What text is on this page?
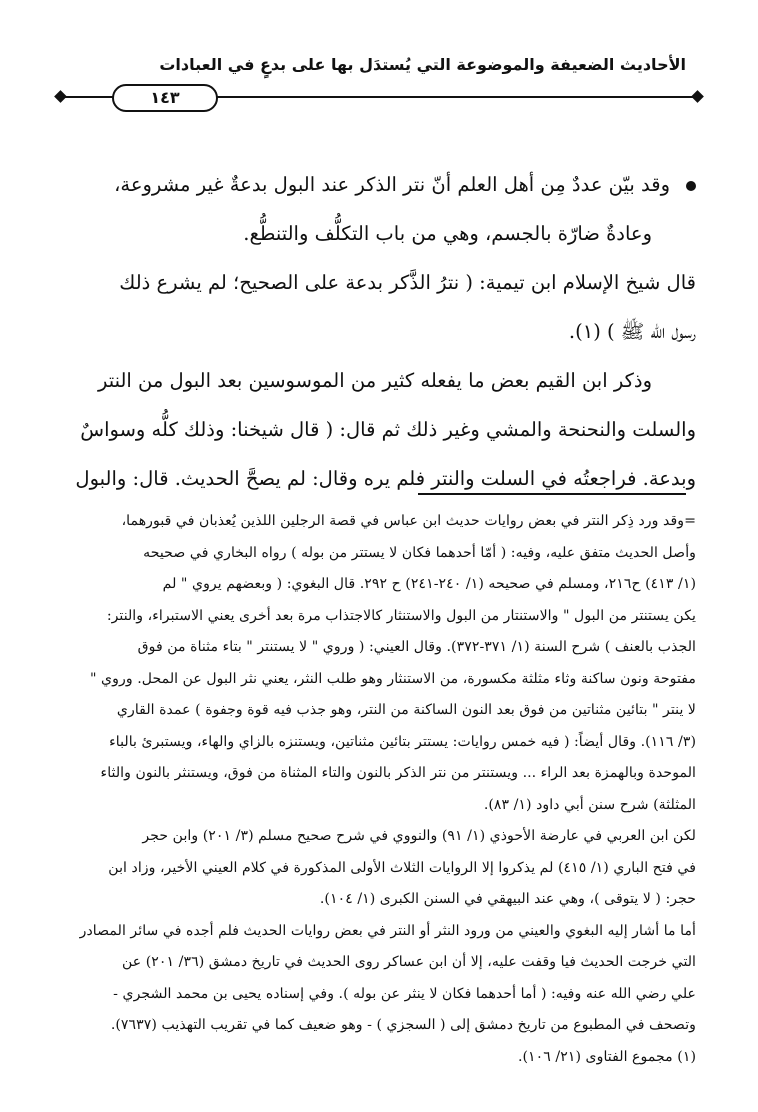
الأحاديث الضعيفة والموضوعة التي يُستدَل بها على بدعٍ في العبادات
١٤٣
وقد بيّن عددٌ مِن أهل العلم أنّ نتر الذكر عند البول بدعةٌ غير مشروعة،
وعادةٌ ضارّة بالجسم، وهي من باب التكلُّف والتنطُّع.
قال شيخ الإسلام ابن تيمية: ( نترُ الذَّكر بدعة على الصحيح؛ لم يشرع ذلك
رسول الله ﷺ ) (١).
وذكر ابن القيم بعض ما يفعله كثير من الموسوسين بعد البول من النتر
والسلت والنحنحة والمشي وغير ذلك ثم قال: ( قال شيخنا: وذلك كلُّه وسواسٌ
وبدعة. فراجعتُه في السلت والنتر فلم يره وقال: لم يصحَّ الحديث. قال: والبول
=وقد ورد ذِكر النتر في بعض روايات حديث ابن عباس في قصة الرجلين اللذين يُعذبان في قبورهما،
وأصل الحديث متفق عليه، وفيه: ( أمّا أحدهما فكان لا يستتر من بوله ) رواه البخاري في صحيحه
(١/ ٤١٣) ح٢١٦، ومسلم في صحيحه (١/ ٢٤٠-٢٤١) ح ٢٩٢. قال البغوي: ( وبعضهم يروي " لم
يكن يستنتر من البول " والاستنتار من البول والاستنثار كالاجتذاب مرة بعد أخرى يعني الاستبراء، والنتر:
الجذب بالعنف ) شرح السنة (١/ ٣٧١-٣٧٢). وقال العيني: ( وروي " لا يستنتر " بتاء مثناة من فوق
مفتوحة ونون ساكنة وثاء مثلثة مكسورة، من الاستنثار وهو طلب النثر، يعني نثر البول عن المحل. وروي "
لا ينتر " بتائين مثناتين من فوق بعد النون الساكنة من النتر، وهو جذب فيه قوة وجفوة ) عمدة القاري
(٣/ ١١٦). وقال أيضاً: ( فيه خمس روايات: يستتر بتائين مثناتين، ويستنزه بالزاي والهاء، ويستبرئ بالباء
الموحدة وبالهمزة بعد الراء ... ويستنتر من نتر الذكر بالنون والتاء المثناة من فوق، ويستنثر بالنون والثاء
المثلثة) شرح سنن أبي داود (١/ ٨٣).
لكن ابن العربي في عارضة الأحوذي (١/ ٩١) والنووي في شرح صحيح مسلم (٣/ ٢٠١) وابن حجر
في فتح الباري (١/ ٤١٥) لم يذكروا إلا الروايات الثلاث الأولى المذكورة في كلام العيني الأخير، وزاد ابن
حجر: ( لا يتوقى )، وهي عند البيهقي في السنن الكبرى (١/ ١٠٤).
أما ما أشار إليه البغوي والعيني من ورود النثر أو النتر في بعض روايات الحديث فلم أجده في سائر المصادر
التي خرجت الحديث فيا وقفت عليه، إلا أن ابن عساكر روى الحديث في تاريخ دمشق (٣٦/ ٢٠١) عن
علي رضي الله عنه وفيه: ( أما أحدهما فكان لا ينثر عن بوله ). وفي إسناده يحيى بن محمد الشجري -
وتصحف في المطبوع من تاريخ دمشق إلى ( السجزي ) - وهو ضعيف كما في تقريب التهذيب (٧٦٣٧).
(١) مجموع الفتاوى (٢١/ ١٠٦).
